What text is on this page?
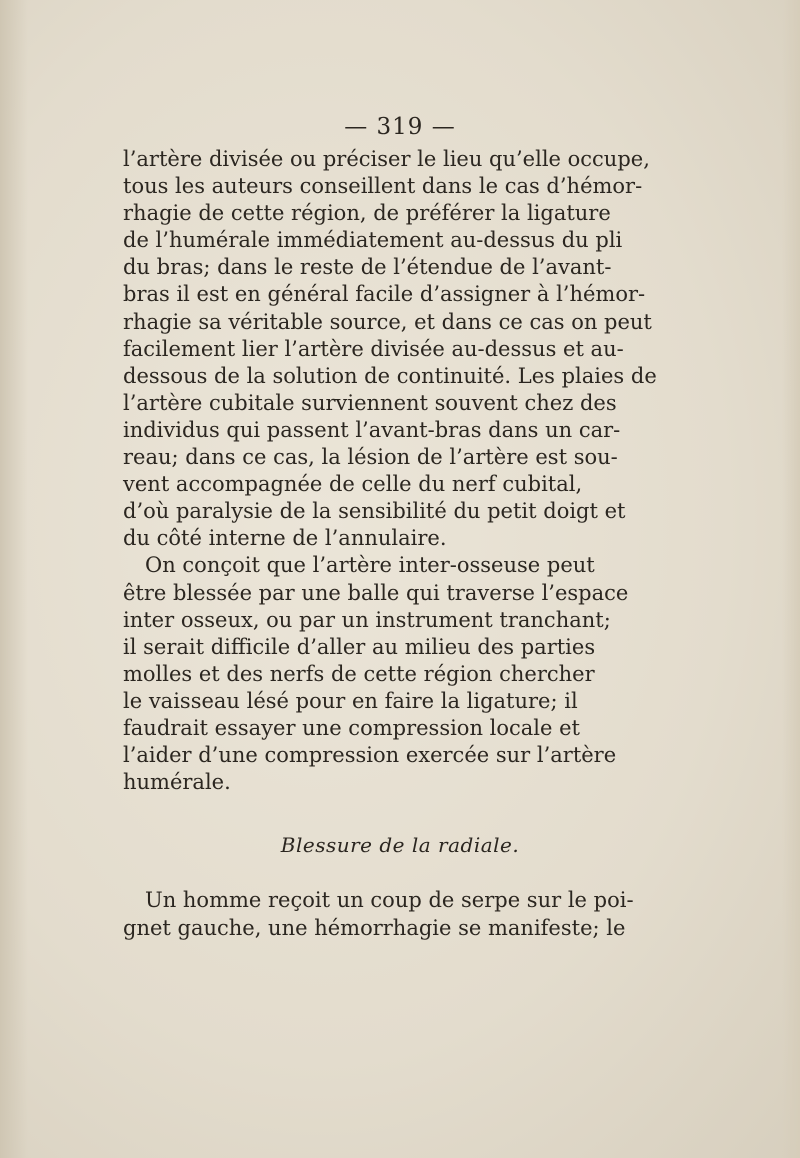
— 319 —
l’artère divisée ou préciser le lieu qu’elle occupe,
tous les auteurs conseillent dans le cas d’hémor-
rhagie de cette région, de préférer la ligature
de l’humérale immédiatement au-dessus du pli
du bras; dans le reste de l’étendue de l’avant-
bras il est en général facile d’assigner à l’hémor-
rhagie sa véritable source, et dans ce cas on peut
facilement lier l’artère divisée au-dessus et au-
dessous de la solution de continuité. Les plaies de
l’artère cubitale surviennent souvent chez des
individus qui passent l’avant-bras dans un car-
reau; dans ce cas, la lésion de l’artère est sou-
vent accompagnée de celle du nerf cubital,
d’où paralysie de la sensibilité du petit doigt et
du côté interne de l’annulaire.
On conçoit que l’artère inter-osseuse peut
être blessée par une balle qui traverse l’espace
inter osseux, ou par un instrument tranchant;
il serait difficile d’aller au milieu des parties
molles et des nerfs de cette région chercher
le vaisseau lésé pour en faire la ligature; il
faudrait essayer une compression locale et
l’aider d’une compression exercée sur l’artère
humérale.
Blessure de la radiale.
Un homme reçoit un coup de serpe sur le poi-
gnet gauche, une hémorrhagie se manifeste; le
